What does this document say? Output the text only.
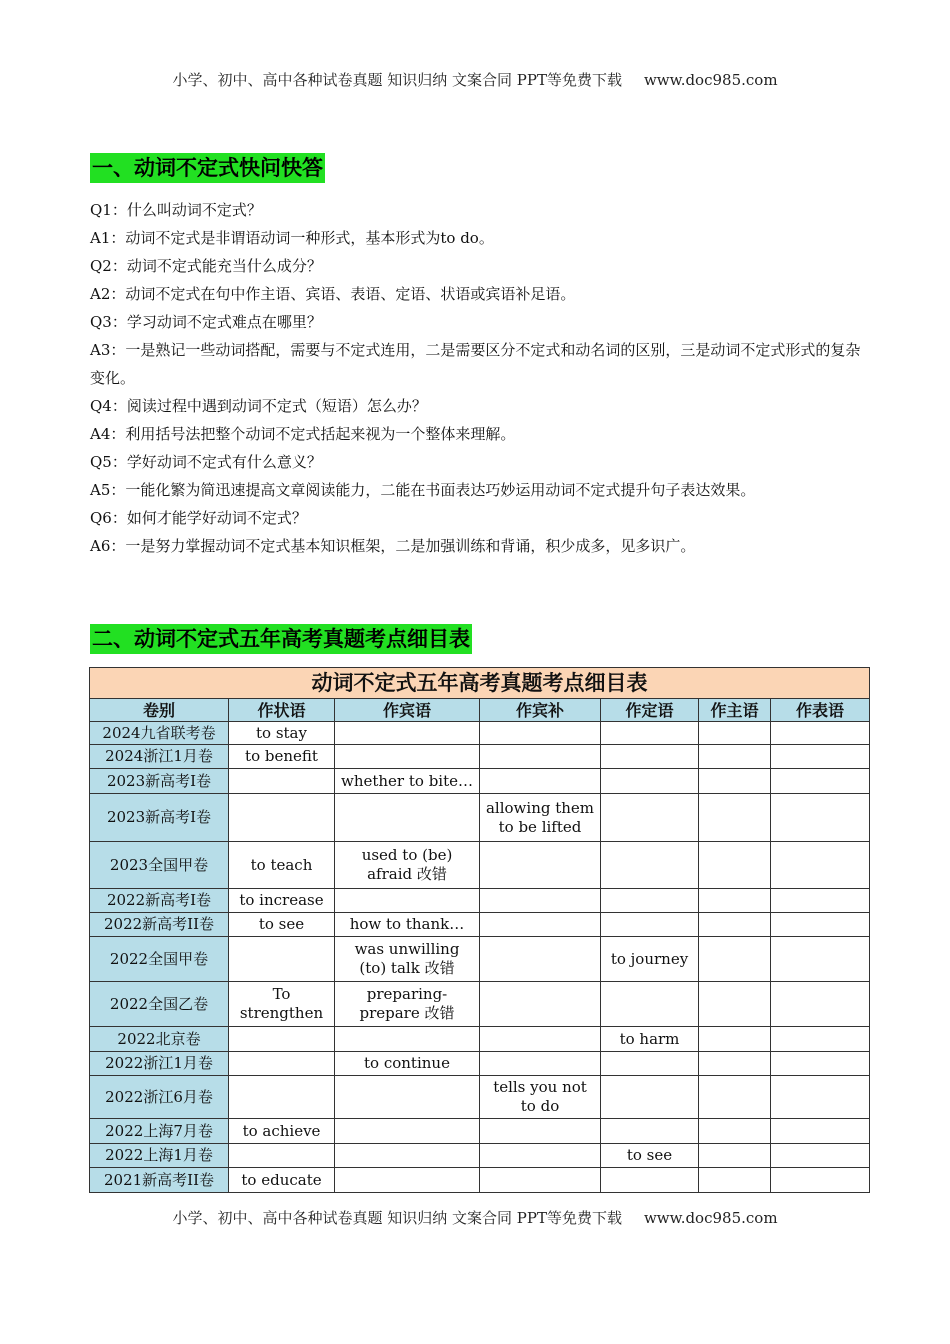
小学、初中、高中各种试卷真题 知识归纳 文案合同 PPT等免费下载 www.doc985.com
一、动词不定式快问快答

Q1：什么叫动词不定式？

A1：动词不定式是非谓语动词一种形式，基本形式为to do。

Q2：动词不定式能充当什么成分？

A2：动词不定式在句中作主语、宾语、表语、定语、状语或宾语补足语。

Q3：学习动词不定式难点在哪里？

A3：一是熟记一些动词搭配，需要与不定式连用，二是需要区分不定式和动名词的区别，三是动词不定式形式的复杂变化。

Q4：阅读过程中遇到动词不定式（短语）怎么办？

A4：利用括号法把整个动词不定式括起来视为一个整体来理解。

Q5：学好动词不定式有什么意义？

A5：一能化繁为简迅速提高文章阅读能力，二能在书面表达巧妙运用动词不定式提升句子表达效果。

Q6：如何才能学好动词不定式？

A6：一是努力掌握动词不定式基本知识框架，二是加强训练和背诵，积少成多，见多识广。

二、动词不定式五年高考真题考点细目表
动词不定式五年高考真题考点细目表						
卷别	作状语	作宾语	作宾补	作定语	作主语	作表语
2024九省联考卷	to stay					
2024浙江1月卷	to benefit					
2023新高考I卷		whether to bite…				
2023新高考I卷			allowing them to be lifted			
2023全国甲卷	to teach	used to (be) afraid 改错				
2022新高考I卷	to increase					
2022新高考II卷	to see	how to thank…				
2022全国甲卷		was unwilling (to) talk 改错		to journey		
2022全国乙卷	To strengthen	preparing-prepare 改错				
2022北京卷				to harm		
2022浙江1月卷		to continue				
2022浙江6月卷			tells you not to do			
2022上海7月卷	to achieve					
2022上海1月卷				to see		
2021新高考II卷	to educate					
小学、初中、高中各种试卷真题 知识归纳 文案合同 PPT等免费下载 www.doc985.com
